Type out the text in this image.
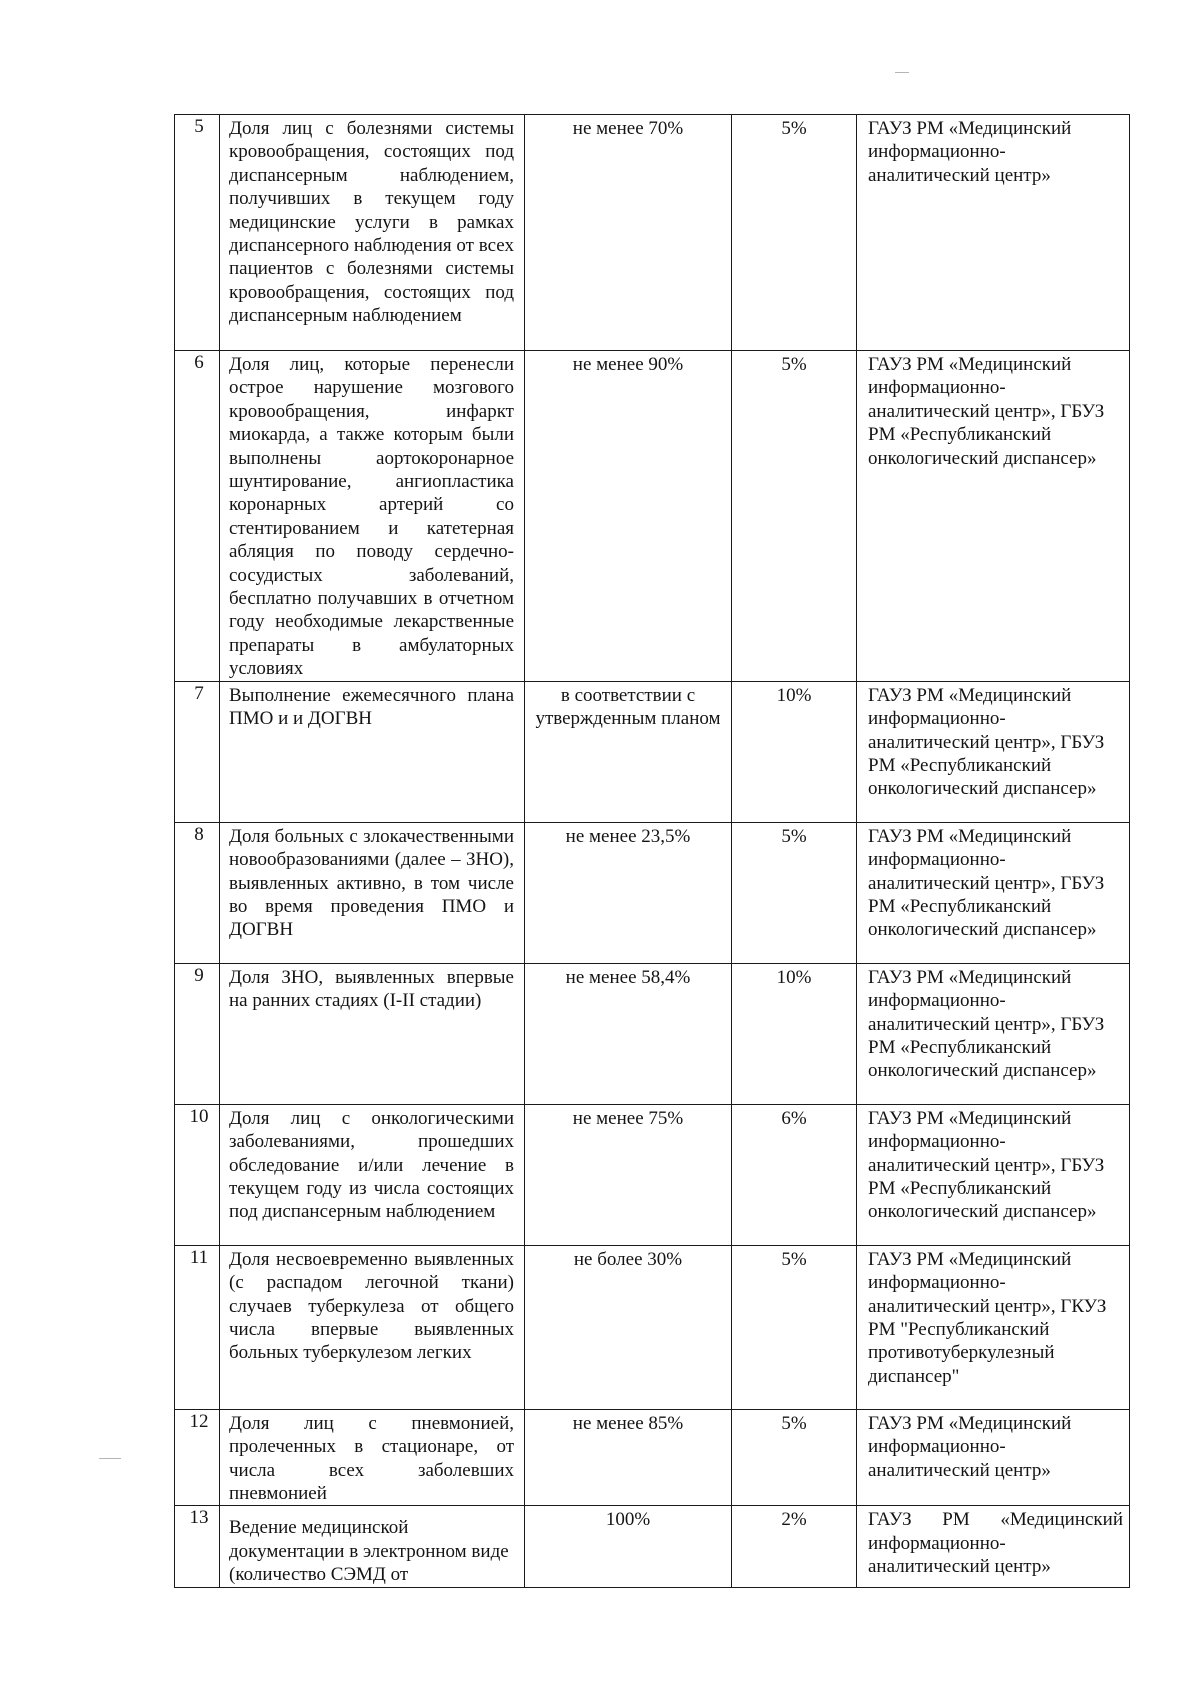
5	Доля лиц с болезнями системы кровообращения, состоящих под диспансерным наблюдением, получивших в текущем году медицинские услуги в рамках диспансерного наблюдения от всех пациентов с болезнями системы кровообращения, состоящих под диспансерным наблюдением	не менее 70%	5%	ГАУЗ РМ «Медицинский информационно-аналитический центр»

6	Доля лиц, которые перенесли острое нарушение мозгового кровообращения, инфаркт миокарда, а также которым были выполнены аортокоронарное шунтирование, ангиопластика коронарных артерий со стентированием и катетерная абляция по поводу сердечно-сосудистых заболеваний, бесплатно получавших в отчетном году необходимые лекарственные препараты в амбулаторных условиях	не менее 90%	5%	ГАУЗ РМ «Медицинский информационно-аналитический центр», ГБУЗ РМ «Республиканский онкологический диспансер»

7	Выполнение ежемесячного плана ПМО и и ДОГВН	в соответствии с утвержденным планом	10%	ГАУЗ РМ «Медицинский информационно-аналитический центр», ГБУЗ РМ «Республиканский онкологический диспансер»

8	Доля больных с злокачественными новообразованиями (далее – ЗНО), выявленных активно, в том числе во время проведения ПМО и ДОГВН	не менее 23,5%	5%	ГАУЗ РМ «Медицинский информационно-аналитический центр», ГБУЗ РМ «Республиканский онкологический диспансер»

9	Доля ЗНО, выявленных впервые на ранних стадиях (I-II стадии)	не менее 58,4%	10%	ГАУЗ РМ «Медицинский информационно-аналитический центр», ГБУЗ РМ «Республиканский онкологический диспансер»

10	Доля лиц с онкологическими заболеваниями, прошедших обследование и/или лечение в текущем году из числа состоящих под диспансерным наблюдением	не менее 75%	6%	ГАУЗ РМ «Медицинский информационно-аналитический центр», ГБУЗ РМ «Республиканский онкологический диспансер»

11	Доля несвоевременно выявленных (с распадом легочной ткани) случаев туберкулеза от общего числа впервые выявленных больных туберкулезом легких	не более 30%	5%	ГАУЗ РМ «Медицинский информационно-аналитический центр», ГКУЗ РМ "Республиканский противотуберкулезный диспансер"

12	Доля лиц с пневмонией, пролеченных в стационаре, от числа всех заболевших пневмонией	не менее 85%	5%	ГАУЗ РМ «Медицинский информационно-аналитический центр»

13	Ведение медицинской документации в электронном виде (количество СЭМД от	100%	2%	ГАУЗ РМ «Медицинский информационно-аналитический центр»
